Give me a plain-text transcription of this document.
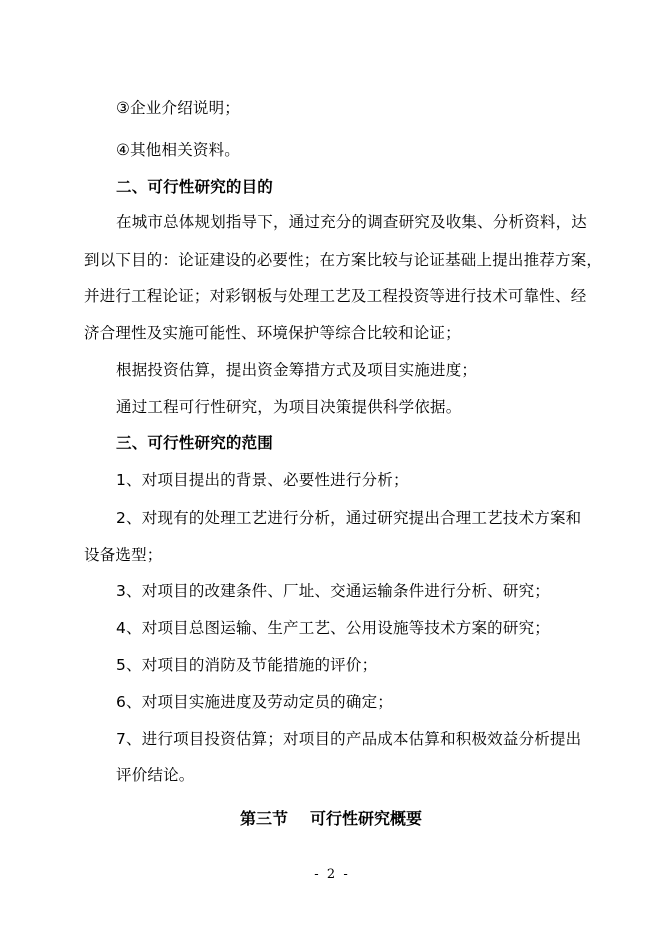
③企业介绍说明；
④其他相关资料。
二、可行性研究的目的
在城市总体规划指导下，通过充分的调查研究及收集、分析资料，达
到以下目的：论证建设的必要性；在方案比较与论证基础上提出推荐方案，
并进行工程论证；对彩钢板与处理工艺及工程投资等进行技术可靠性、经
济合理性及实施可能性、环境保护等综合比较和论证；
根据投资估算，提出资金筹措方式及项目实施进度；
通过工程可行性研究，为项目决策提供科学依据。
三、可行性研究的范围
1、对项目提出的背景、必要性进行分析；
2、对现有的处理工艺进行分析，通过研究提出合理工艺技术方案和
设备选型；
3、对项目的改建条件、厂址、交通运输条件进行分析、研究；
4、对项目总图运输、生产工艺、公用设施等技术方案的研究；
5、对项目的消防及节能措施的评价；
6、对项目实施进度及劳动定员的确定；
7、进行项目投资估算；对项目的产品成本估算和积极效益分析提出
评价结论。
第三节 可行性研究概要
-  2  -
